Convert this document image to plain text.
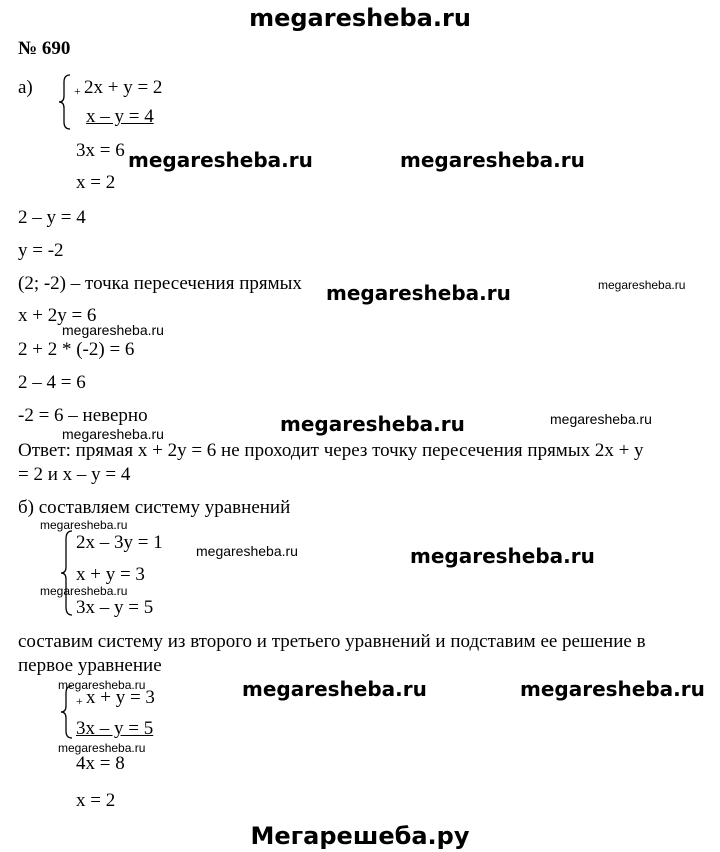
megaresheba.ru
№ 690
а)	+ 2x + y = 2
x – y = 4
3x = 6
x = 2
2 – y = 4
y = -2
(2; -2) – точка пересечения прямых
x + 2y = 6
2 + 2 * (-2) = 6
2 – 4 = 6
-2 = 6 – неверно
Ответ: прямая x + 2y = 6 не проходит через точку пересечения прямых 2x + y
= 2 и x – y = 4
б) составляем систему уравнений
2x – 3y = 1
x + y = 3
3x – y = 5
составим систему из второго и третьего уравнений и подставим ее решение в
первое уравнение
+ x + y = 3
3x – y = 5
4x = 8
x = 2
megaresheba.ru	megaresheba.ru
megaresheba.ru	megaresheba.ru
megaresheba.ru
megaresheba.ru	megaresheba.ru
megaresheba.ru
megaresheba.ru
megaresheba.ru	megaresheba.ru
megaresheba.ru
megaresheba.ru	megaresheba.ru	megaresheba.ru
megaresheba.ru
Мегарешеба.ру
